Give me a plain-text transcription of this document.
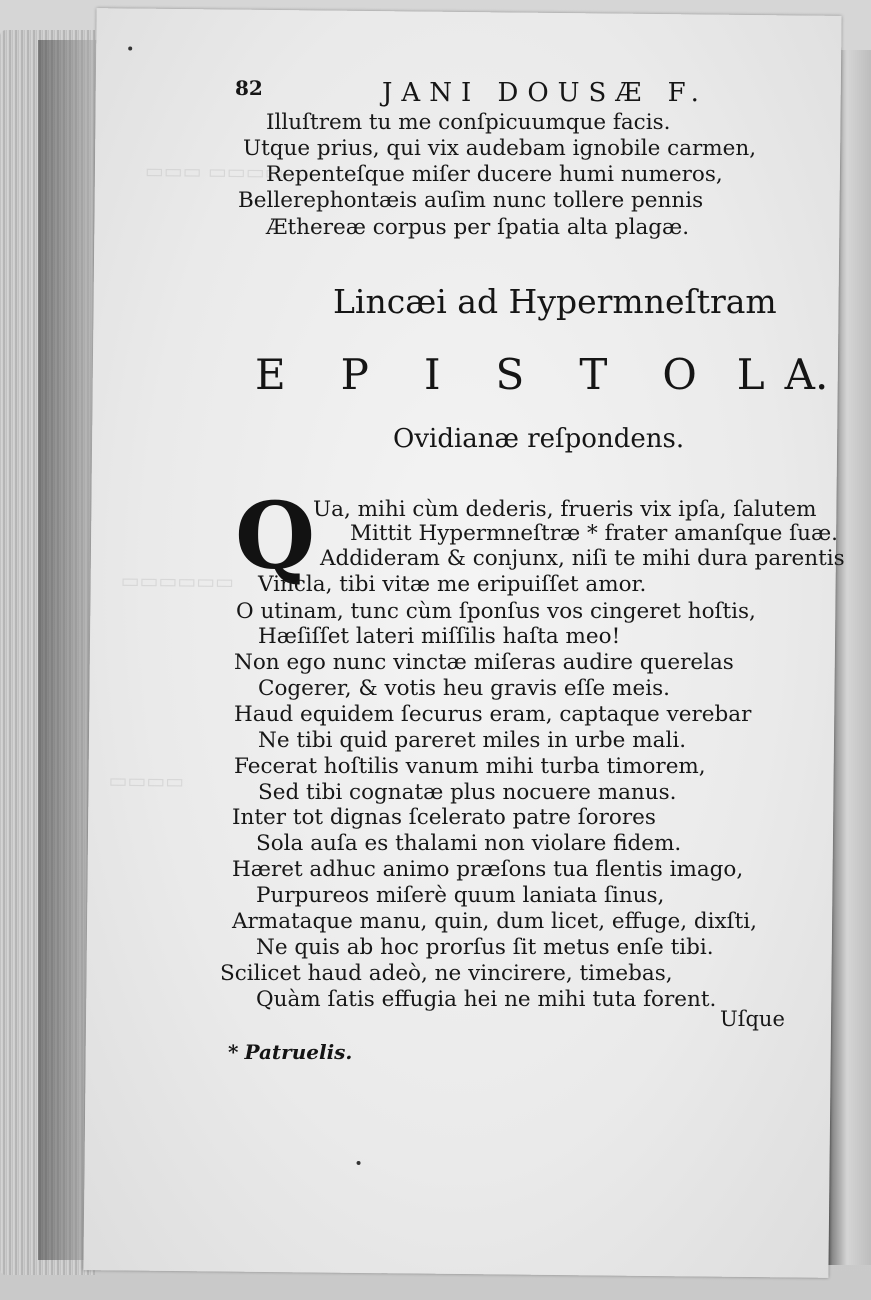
▭▭▭ ▭▭▭▭
▭▭▭▭▭▭
▭▭▭▭
82	JANI DOUSÆ F.
Illuſtrem tu me conſpicuumque facis.
Utque prius, qui vix audebam ignobile carmen,
Repenteſque miſer ducere humi numeros,
Bellerephontæis auſim nunc tollere pennis
Æthereæ corpus per ſpatia alta plagæ.
Lincæi ad Hypermneſtram
E P I S T O L A.
Ovidianæ reſpondens.
Q
Ua, mihi cùm dederis, frueris vix ipſa, ſalutem
Mittit Hypermneſtræ * frater amanſque ſuæ.
Addideram & conjunx, niſi te mihi dura parentis
Vincla, tibi vitæ me eripuiſſet amor.
O utinam, tunc cùm ſponſus vos cingeret hoſtis,
Hæſiſſet lateri miſſilis haſta meo!
Non ego nunc vinctæ miſeras audire querelas
Cogerer, & votis heu gravis eſſe meis.
Haud equidem ſecurus eram, captaque verebar
Ne tibi quid pareret miles in urbe mali.
Fecerat hoſtilis vanum mihi turba timorem,
Sed tibi cognatæ plus nocuere manus.
Inter tot dignas ſcelerato patre ſorores
Sola auſa es thalami non violare fidem.
Hæret adhuc animo præſons tua flentis imago,
Purpureos miſerè quum laniata ſinus,
Armataque manu, quin, dum licet, effuge, dixſti,
Ne quis ab hoc prorſus ſit metus enſe tibi.
Scilicet haud adeò, ne vincirere, timebas,
Quàm ſatis effugia hei ne mihi tuta forent.
Uſque
* Patruelis.
